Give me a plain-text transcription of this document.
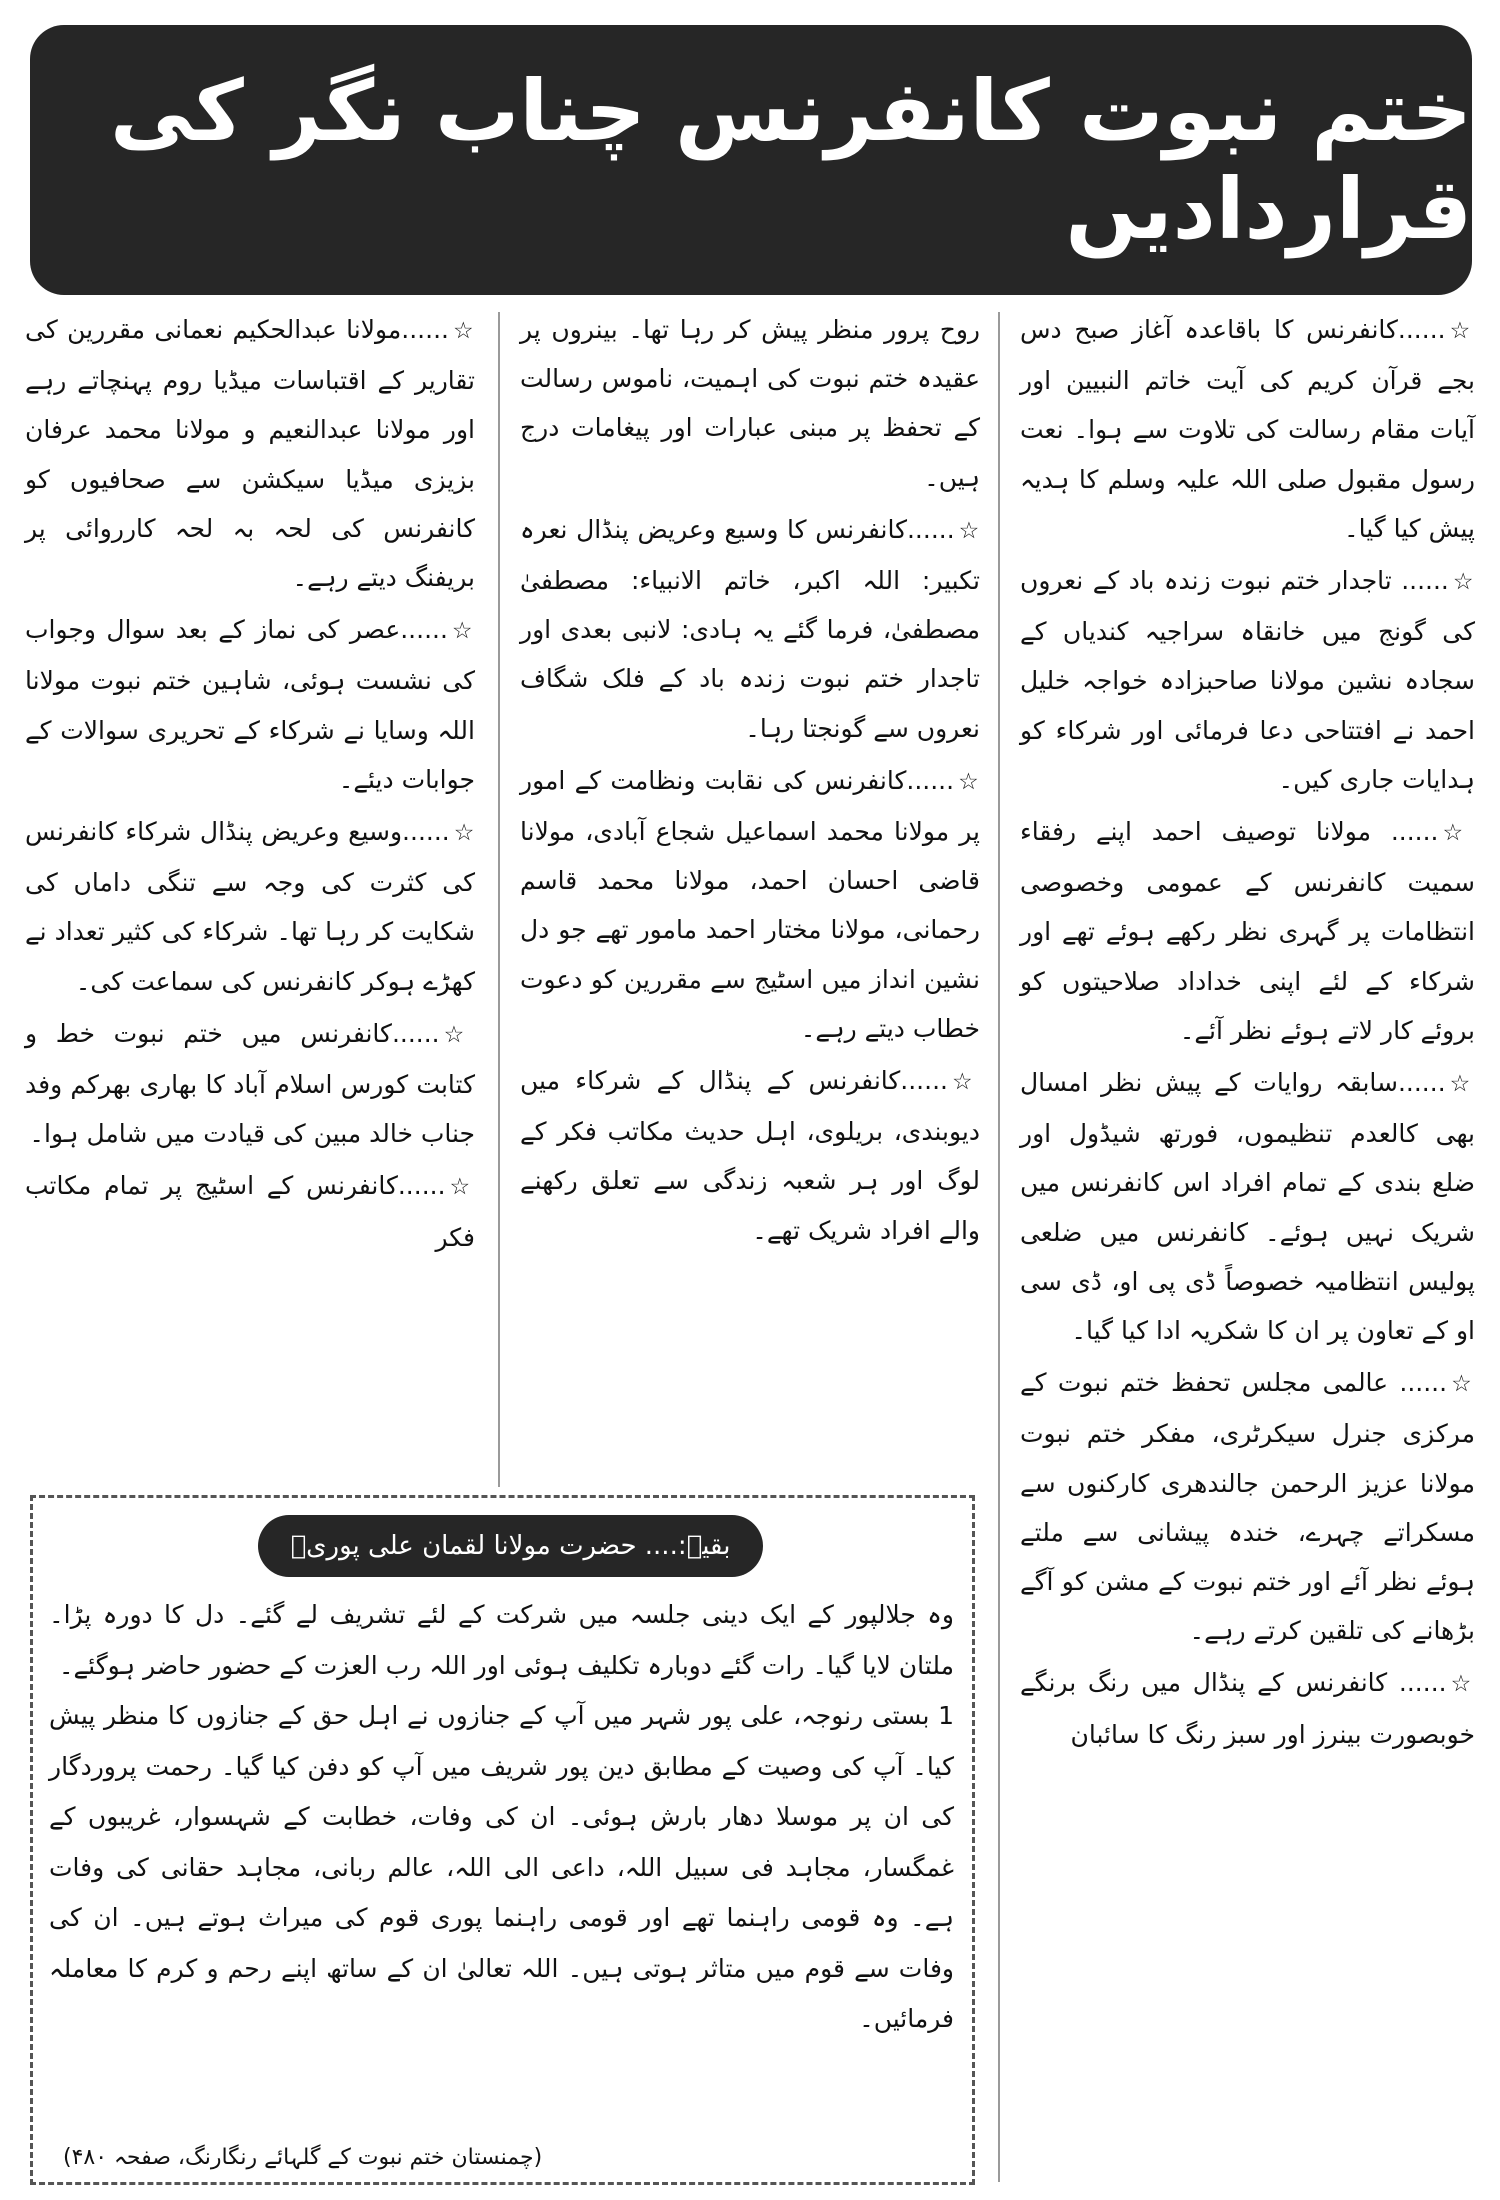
ختم نبوت کانفرنس چناب نگر کی قراردادیں

☆......کانفرنس کا باقاعدہ آغاز صبح دس بجے قرآن کریم کی آیت خاتم النبیین اور آیات مقام رسالت کی تلاوت سے ہوا۔ نعت رسول مقبول صلی اللہ علیہ وسلم کا ہدیہ پیش کیا گیا۔

☆...... تاجدار ختم نبوت زندہ باد کے نعروں کی گونج میں خانقاہ سراجیہ کندیاں کے سجادہ نشین مولانا صاحبزادہ خواجہ خلیل احمد نے افتتاحی دعا فرمائی اور شرکاء کو ہدایات جاری کیں۔

☆...... مولانا توصیف احمد اپنے رفقاء سمیت کانفرنس کے عمومی وخصوصی انتظامات پر گہری نظر رکھے ہوئے تھے اور شرکاء کے لئے اپنی خداداد صلاحیتوں کو بروئے کار لاتے ہوئے نظر آئے۔

☆......سابقہ روایات کے پیش نظر امسال بھی کالعدم تنظیموں، فورتھ شیڈول اور ضلع بندی کے تمام افراد اس کانفرنس میں شریک نہیں ہوئے۔ کانفرنس میں ضلعی پولیس انتظامیہ خصوصاً ڈی پی او، ڈی سی او کے تعاون پر ان کا شکریہ ادا کیا گیا۔

☆...... عالمی مجلس تحفظ ختم نبوت کے مرکزی جنرل سیکرٹری، مفکر ختم نبوت مولانا عزیز الرحمن جالندھری کارکنوں سے مسکراتے چہرے، خندہ پیشانی سے ملتے ہوئے نظر آئے اور ختم نبوت کے مشن کو آگے بڑھانے کی تلقین کرتے رہے۔

☆...... کانفرنس کے پنڈال میں رنگ برنگے خوبصورت بینرز اور سبز رنگ کا سائبان

روح پرور منظر پیش کر رہا تھا۔ بینروں پر عقیدہ ختم نبوت کی اہمیت، ناموس رسالت کے تحفظ پر مبنی عبارات اور پیغامات درج ہیں۔

☆......کانفرنس کا وسیع وعریض پنڈال نعرہ تکبیر: اللہ اکبر، خاتم الانبیاء: مصطفیٰ مصطفیٰ، فرما گئے یہ ہادی: لانبی بعدی اور تاجدار ختم نبوت زندہ باد کے فلک شگاف نعروں سے گونجتا رہا۔

☆......کانفرنس کی نقابت ونظامت کے امور پر مولانا محمد اسماعیل شجاع آبادی، مولانا قاضی احسان احمد، مولانا محمد قاسم رحمانی، مولانا مختار احمد مامور تھے جو دل نشین انداز میں اسٹیج سے مقررین کو دعوت خطاب دیتے رہے۔

☆......کانفرنس کے پنڈال کے شرکاء میں دیوبندی، بریلوی، اہل حدیث مکاتب فکر کے لوگ اور ہر شعبہ زندگی سے تعلق رکھنے والے افراد شریک تھے۔

☆......مولانا عبدالحکیم نعمانی مقررین کی تقاریر کے اقتباسات میڈیا روم پہنچاتے رہے اور مولانا عبدالنعیم و مولانا محمد عرفان بزیزی میڈیا سیکشن سے صحافیوں کو کانفرنس کی لحہ بہ لحہ کارروائی پر بریفنگ دیتے رہے۔

☆......عصر کی نماز کے بعد سوال وجواب کی نشست ہوئی، شاہین ختم نبوت مولانا اللہ وسایا نے شرکاء کے تحریری سوالات کے جوابات دیئے۔

☆......وسیع وعریض پنڈال شرکاء کانفرنس کی کثرت کی وجہ سے تنگی داماں کی شکایت کر رہا تھا۔ شرکاء کی کثیر تعداد نے کھڑے ہوکر کانفرنس کی سماعت کی۔

☆......کانفرنس میں ختم نبوت خط و کتابت کورس اسلام آباد کا بھاری بھرکم وفد جناب خالد مبین کی قیادت میں شامل ہوا۔

☆......کانفرنس کے اسٹیج پر تمام مکاتب فکر

بقیہ:.... حضرت مولانا لقمان علی پوریؒ

وہ جلالپور کے ایک دینی جلسہ میں شرکت کے لئے تشریف لے گئے۔ دل کا دورہ پڑا۔ ملتان لایا گیا۔ رات گئے دوبارہ تکلیف ہوئی اور اللہ رب العزت کے حضور حاضر ہوگئے۔

1 بستی رنوجہ، علی پور شہر میں آپ کے جنازوں نے اہل حق کے جنازوں کا منظر پیش کیا۔ آپ کی وصیت کے مطابق دین پور شریف میں آپ کو دفن کیا گیا۔ رحمت پروردگار کی ان پر موسلا دھار بارش ہوئی۔ ان کی وفات، خطابت کے شہسوار، غریبوں کے غمگسار، مجاہد فی سبیل اللہ، داعی الی اللہ، عالم ربانی، مجاہد حقانی کی وفات ہے۔ وہ قومی راہنما تھے اور قومی راہنما پوری قوم کی میراث ہوتے ہیں۔ ان کی وفات سے قوم میں متاثر ہوتی ہیں۔ اللہ تعالیٰ ان کے ساتھ اپنے رحم و کرم کا معاملہ فرمائیں۔

(چمنستان ختم نبوت کے گلہائے رنگارنگ، صفحہ ۴۸۰)
